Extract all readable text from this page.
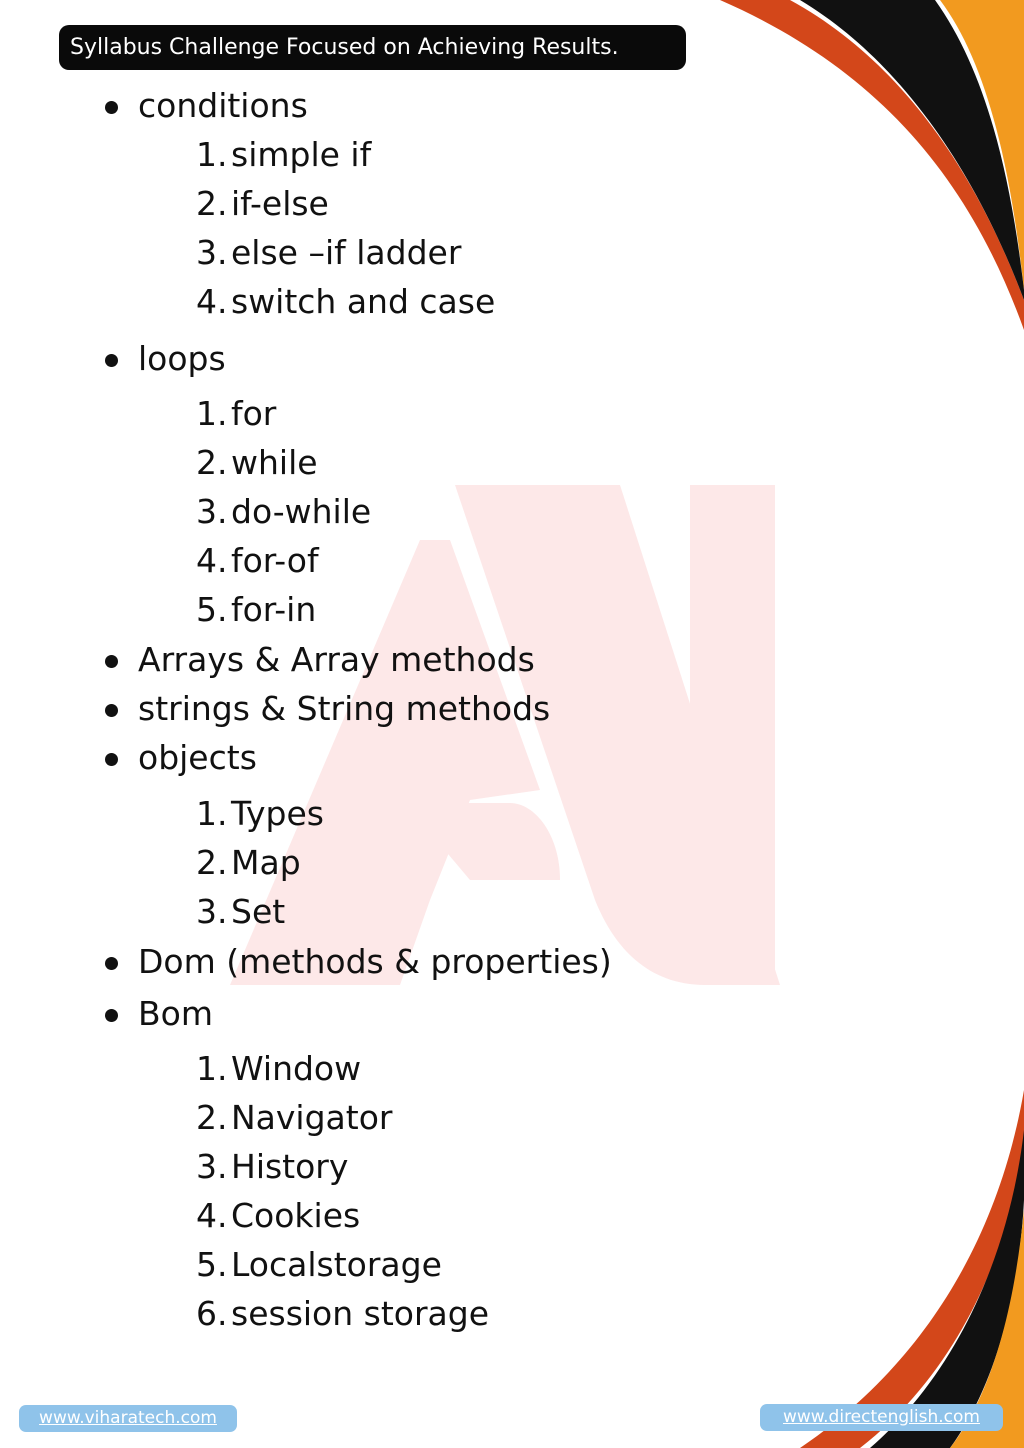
Syllabus Challenge Focused on Achieving Results.
conditions
1. simple if
2. if-else
3. else –if ladder
4. switch and case
loops
1. for
2. while
3. do-while
4. for-of
5. for-in
Arrays & Array methods
strings & String methods
objects
1. Types
2. Map
3. Set
Dom (methods & properties)
Bom
1. Window
2. Navigator
3. History
4. Cookies
5. Localstorage
6. session storage
www.viharatech.com	www.directenglish.com
